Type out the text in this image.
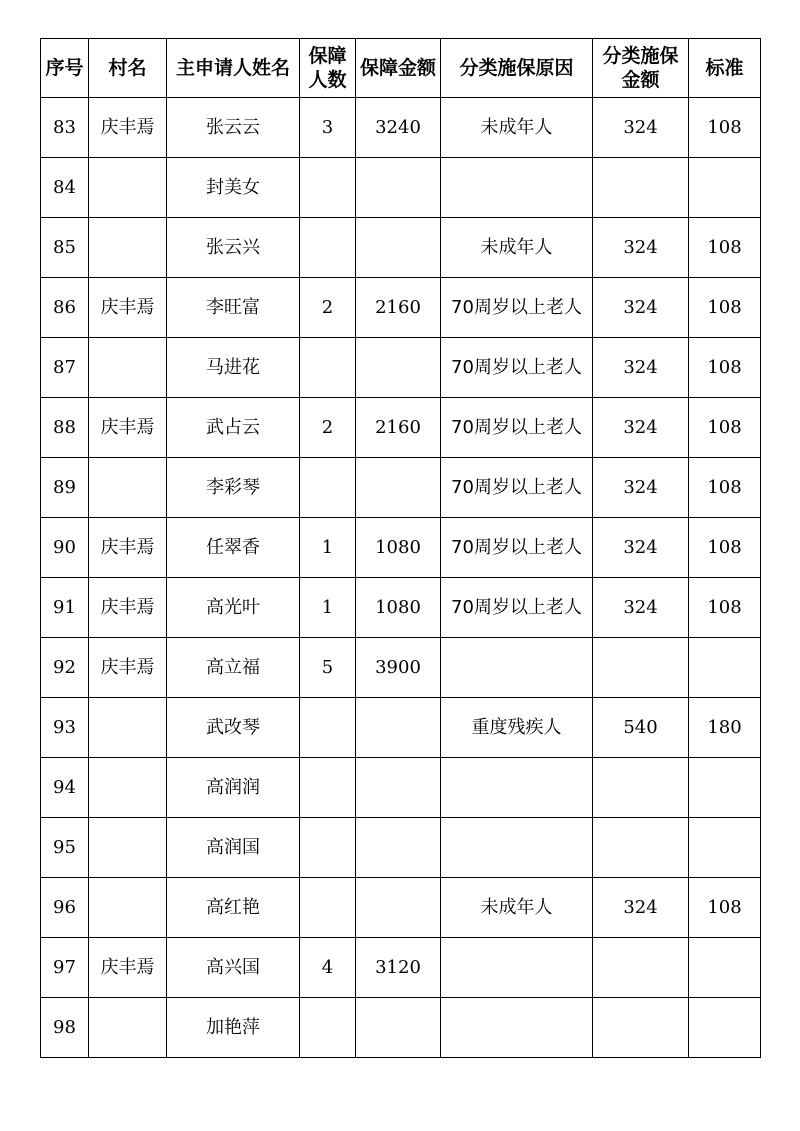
序号	村名	主申请人姓名	保障人数	保障金额	分类施保原因	分类施保金额	标准
83	庆丰焉	张云云	3	3240	未成年人	324	108
84		封美女					
85		张云兴			未成年人	324	108
86	庆丰焉	李旺富	2	2160	70周岁以上老人	324	108
87		马进花			70周岁以上老人	324	108
88	庆丰焉	武占云	2	2160	70周岁以上老人	324	108
89		李彩琴			70周岁以上老人	324	108
90	庆丰焉	任翠香	1	1080	70周岁以上老人	324	108
91	庆丰焉	高光叶	1	1080	70周岁以上老人	324	108
92	庆丰焉	高立福	5	3900			
93		武改琴			重度残疾人	540	180
94		高润润					
95		高润国					
96		高红艳			未成年人	324	108
97	庆丰焉	高兴国	4	3120			
98		加艳萍					
